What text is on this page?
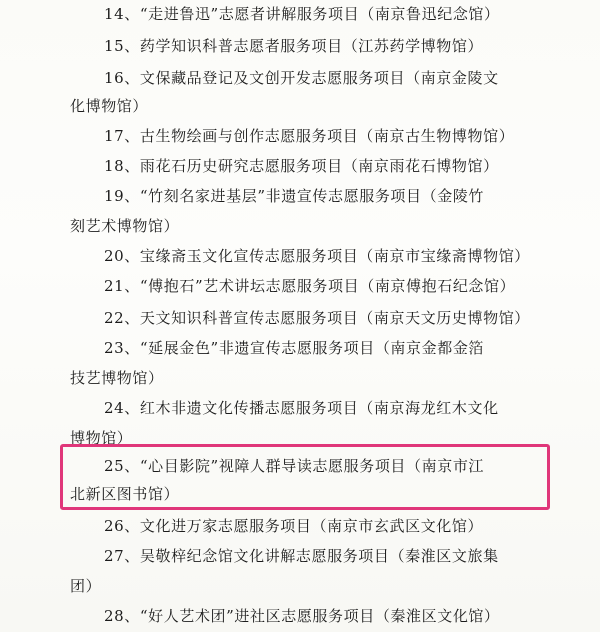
14、“走进鲁迅”志愿者讲解服务项目（南京鲁迅纪念馆）
15、药学知识科普志愿者服务项目（江苏药学博物馆）
16、文保藏品登记及文创开发志愿服务项目（南京金陵文
化博物馆）
17、古生物绘画与创作志愿服务项目（南京古生物博物馆）
18、雨花石历史研究志愿服务项目（南京雨花石博物馆）
19、“竹刻名家进基层”非遗宣传志愿服务项目（金陵竹
刻艺术博物馆）
20、宝缘斋玉文化宣传志愿服务项目（南京市宝缘斋博物馆）
21、“傅抱石”艺术讲坛志愿服务项目（南京傅抱石纪念馆）
22、天文知识科普宣传志愿服务项目（南京天文历史博物馆）
23、“延展金色”非遗宣传志愿服务项目（南京金都金箔
技艺博物馆）
24、红木非遗文化传播志愿服务项目（南京海龙红木文化
博物馆）
25、“心目影院”视障人群导读志愿服务项目（南京市江
北新区图书馆）
26、文化进万家志愿服务项目（南京市玄武区文化馆）
27、吴敬梓纪念馆文化讲解志愿服务项目（秦淮区文旅集
团）
28、“好人艺术团”进社区志愿服务项目（秦淮区文化馆）
